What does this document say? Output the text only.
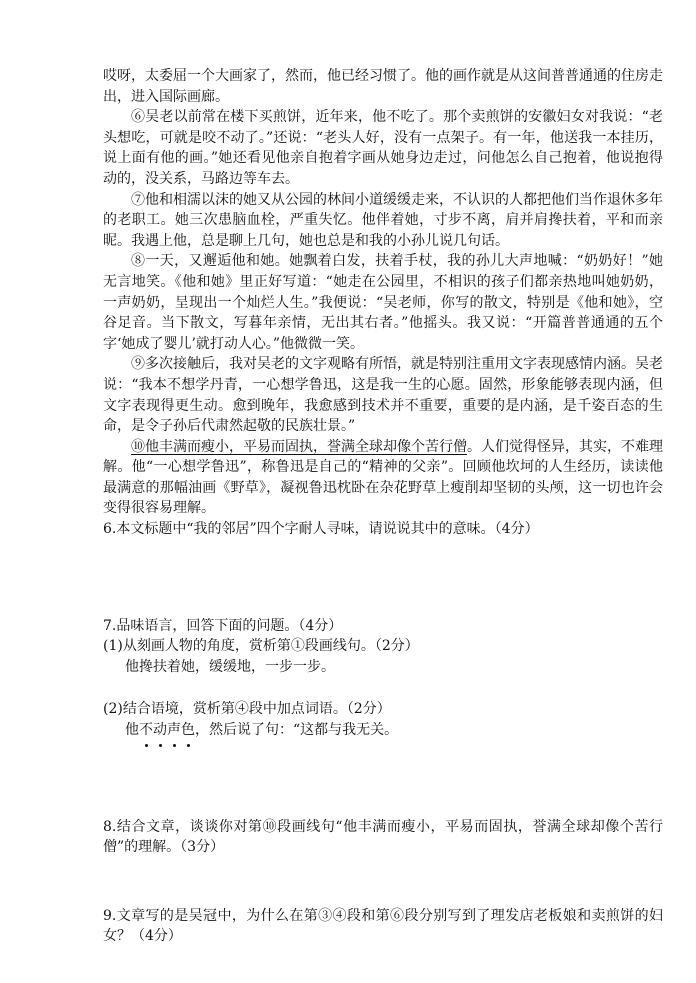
哎呀，太委屈一个大画家了，然而，他已经习惯了。他的画作就是从这间普普通通的住房走出，进入国际画廊。

⑥吴老以前常在楼下买煎饼，近年来，他不吃了。那个卖煎饼的安徽妇女对我说：“老头想吃，可就是咬不动了。”还说：“老头人好，没有一点架子。有一年，他送我一本挂历，说上面有他的画。”她还看见他亲自抱着字画从她身边走过，问他怎么自己抱着，他说抱得动的，没关系，马路边等车去。

⑦他和相濡以沫的她又从公园的林间小道缓缓走来，不认识的人都把他们当作退休多年的老职工。她三次患脑血栓，严重失忆。他伴着她，寸步不离，肩并肩搀扶着，平和而亲昵。我遇上他，总是聊上几句，她也总是和我的小孙儿说几句话。

⑧一天，又邂逅他和她。她飘着白发，扶着手杖，我的孙儿大声地喊：“奶奶好！”她无言地笑。《他和她》里正好写道：“她走在公园里，不相识的孩子们都亲热地叫她奶奶，一声奶奶，呈现出一个灿烂人生。”我便说：“吴老师，你写的散文，特别是《他和她》，空谷足音。当下散文，写暮年亲情，无出其右者。”他摇头。我又说：“开篇普普通通的五个字‘她成了婴儿’就打动人心。”他微微一笑。

⑨多次接触后，我对吴老的文字观略有所悟，就是特别注重用文字表现感情内涵。吴老说：“我本不想学丹青，一心想学鲁迅，这是我一生的心愿。固然，形象能够表现内涵，但文字表现得更生动。愈到晚年，我愈感到技术并不重要，重要的是内涵，是千姿百态的生命，是令子孙后代肃然起敬的民族壮景。”

⑩他丰满而瘦小，平易而固执，誉满全球却像个苦行僧。人们觉得怪异，其实，不难理解。他“一心想学鲁迅”，称鲁迅是自己的“精神的父亲”。回顾他坎坷的人生经历，读读他最满意的那幅油画《野草》，凝视鲁迅枕卧在杂花野草上瘦削却坚韧的头颅，这一切也许会变得很容易理解。

6.本文标题中“我的邻居”四个字耐人寻味，请说说其中的意味。（4分）

7.品味语言，回答下面的问题。（4分）

(1)从刻画人物的角度，赏析第①段画线句。（2分）

他搀扶着她，缓缓地，一步一步。

(2)结合语境，赏析第④段中加点词语。（2分）

他不动声色，然后说了句：“这都与我无关。

8.结合文章，谈谈你对第⑩段画线句“他丰满而瘦小，平易而固执，誉满全球却像个苦行僧”的理解。（3分）

9.文章写的是吴冠中，为什么在第③④段和第⑥段分别写到了理发店老板娘和卖煎饼的妇女？（4分）
